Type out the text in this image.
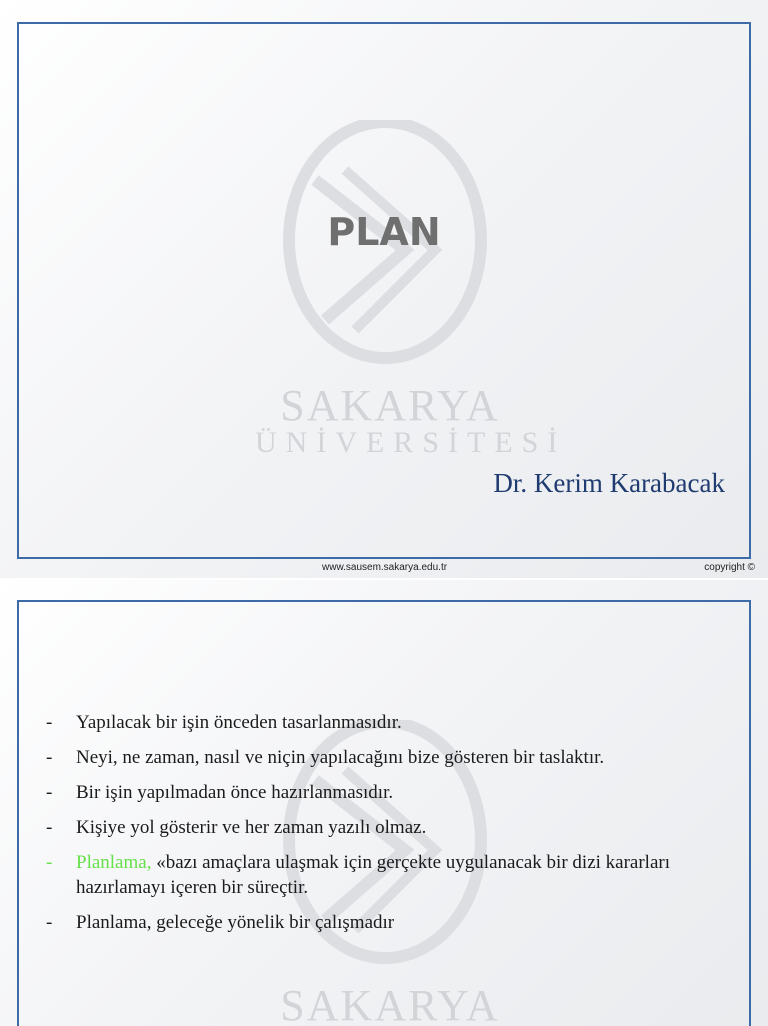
SAKARYA
ÜNİVERSİTESİ
PLAN
Dr. Kerim Karabacak
www.sausem.sakarya.edu.tr	copyright ©
SAKARYA
- Yapılacak bir işin önceden tasarlanmasıdır.
- Neyi, ne zaman, nasıl ve niçin yapılacağını bize gösteren bir taslaktır.
- Bir işin yapılmadan önce hazırlanmasıdır.
- Kişiye yol gösterir ve her zaman yazılı olmaz.
- Planlama, «bazı amaçlara ulaşmak için gerçekte uygulanacak bir dizi kararları hazırlamayı içeren bir süreçtir.
- Planlama, geleceğe yönelik bir çalışmadır
